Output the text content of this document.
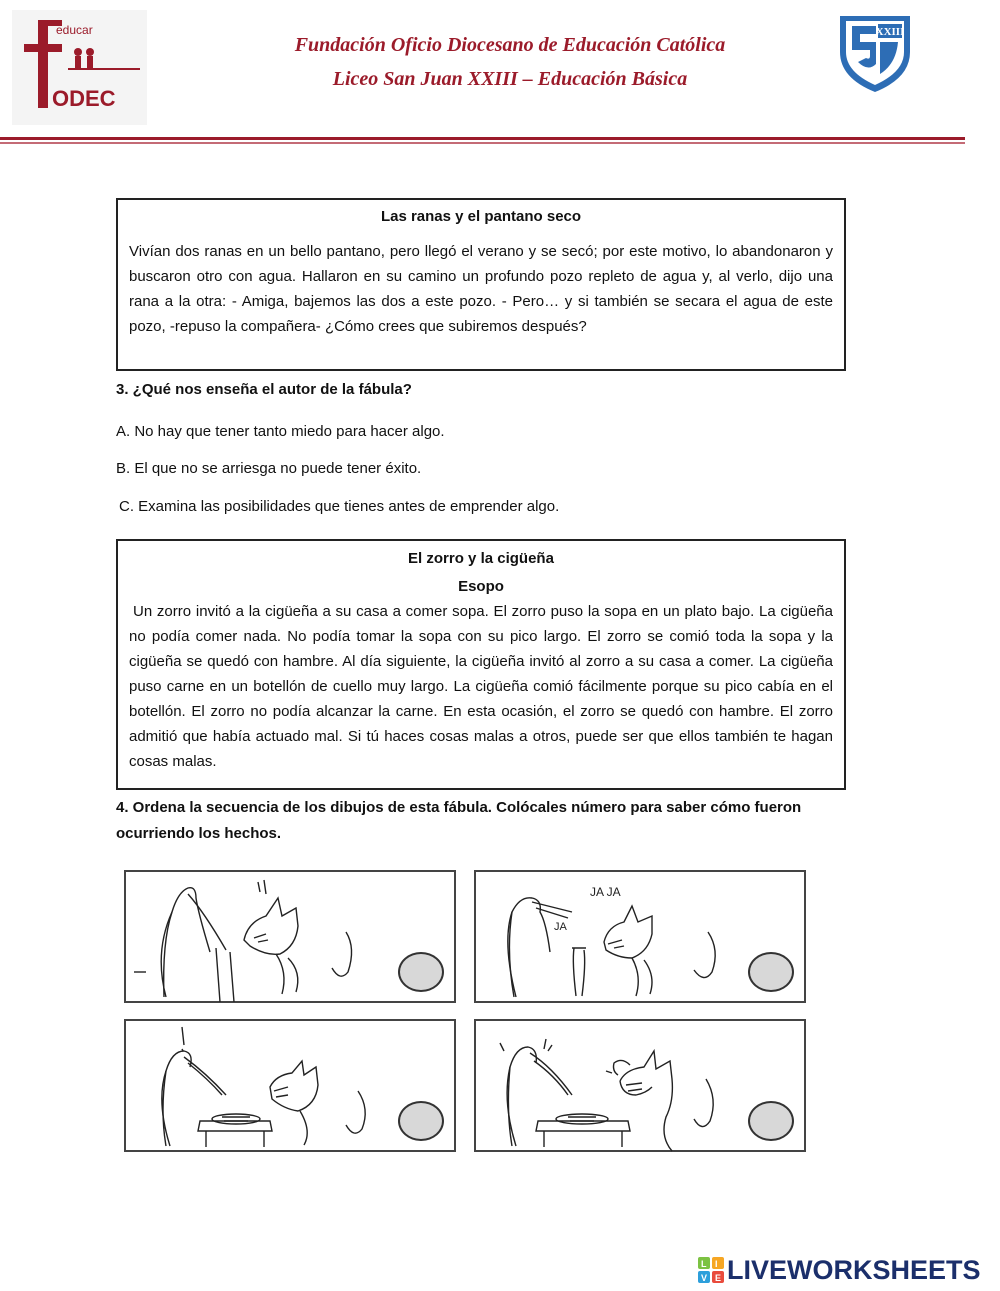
educar
ODEC
Fundación Oficio Diocesano de Educación Católica
Liceo San Juan XXIII – Educación Básica
XXIII
Las ranas y el pantano seco
Vivían dos ranas en un bello pantano, pero llegó el verano y se secó; por este motivo, lo abandonaron y buscaron otro con agua. Hallaron en su camino un profundo pozo repleto de agua y, al verlo, dijo una rana a la otra: - Amiga, bajemos las dos a este pozo. - Pero… y si también se secara el agua de este pozo, -repuso la compañera- ¿Cómo crees que subiremos después?
3. ¿Qué nos enseña el autor de la fábula?
A. No hay que tener tanto miedo para hacer algo.
B. El que no se arriesga no puede tener éxito.
C. Examina las posibilidades que tienes antes de emprender algo.
El zorro y la cigüeña
Esopo
Un zorro invitó a la cigüeña a su casa a comer sopa. El zorro puso la sopa en un plato bajo. La cigüeña no podía comer nada. No podía tomar la sopa con su pico largo. El zorro se comió toda la sopa y la cigüeña se quedó con hambre. Al día siguiente, la cigüeña invitó al zorro a su casa a comer. La cigüeña puso carne en un botellón de cuello muy largo. La cigüeña comió fácilmente porque su pico cabía en el botellón. El zorro no podía alcanzar la carne. En esta ocasión, el zorro se quedó con hambre. El zorro admitió que había actuado mal. Si tú haces cosas malas a otros, puede ser que ellos también te hagan cosas malas.
4. Ordena la secuencia de los dibujos de esta fábula. Colócales número para saber cómo fueron
ocurriendo los hechos.
JA
JA JA
L I
V E LIVEWORKSHEETS
